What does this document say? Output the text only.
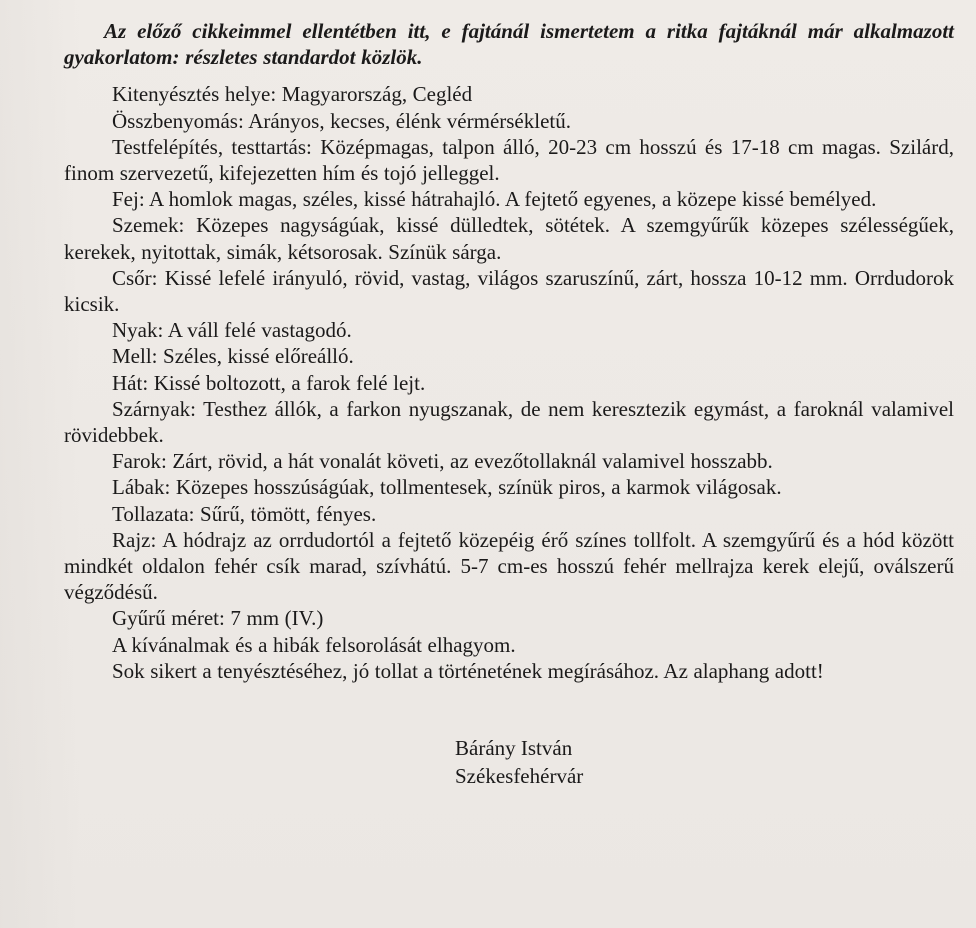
Az előző cikkeimmel ellentétben itt, e fajtánál ismertetem a ritka fajtáknál már alkalmazott gyakorlatom: részletes standardot közlök.

Kitenyésztés helye: Magyarország, Cegléd

Összbenyomás: Arányos, kecses, élénk vérmérsékletű.

Testfelépítés, testtartás: Középmagas, talpon álló, 20-23 cm hosszú és 17-18 cm magas. Szilárd, finom szervezetű, kifejezetten hím és tojó jelleggel.

Fej: A homlok magas, széles, kissé hátrahajló. A fejtető egyenes, a közepe kissé bemélyed.

Szemek: Közepes nagyságúak, kissé dülledtek, sötétek. A szemgyűrűk közepes szélességűek, kerekek, nyitottak, simák, kétsorosak. Színük sárga.

Csőr: Kissé lefelé irányuló, rövid, vastag, világos szaruszínű, zárt, hossza 10-12 mm. Orrdudorok kicsik.

Nyak: A váll felé vastagodó.

Mell: Széles, kissé előreálló.

Hát: Kissé boltozott, a farok felé lejt.

Szárnyak: Testhez állók, a farkon nyugszanak, de nem keresztezik egymást, a faroknál valamivel rövidebbek.

Farok: Zárt, rövid, a hát vonalát követi, az evezőtollaknál valamivel hosszabb.

Lábak: Közepes hosszúságúak, tollmentesek, színük piros, a karmok világosak.

Tollazata: Sűrű, tömött, fényes.

Rajz: A hódrajz az orrdudortól a fejtető közepéig érő színes tollfolt. A szemgyűrű és a hód között mindkét oldalon fehér csík marad, szívhátú. 5-7 cm-es hosszú fehér mellrajza kerek elejű, oválszerű végződésű.

Gyűrű méret: 7 mm (IV.)

A kívánalmak és a hibák felsorolását elhagyom.

Sok sikert a tenyésztéséhez, jó tollat a történetének megírásához. Az alaphang adott!

Bárány István
Székesfehérvár
